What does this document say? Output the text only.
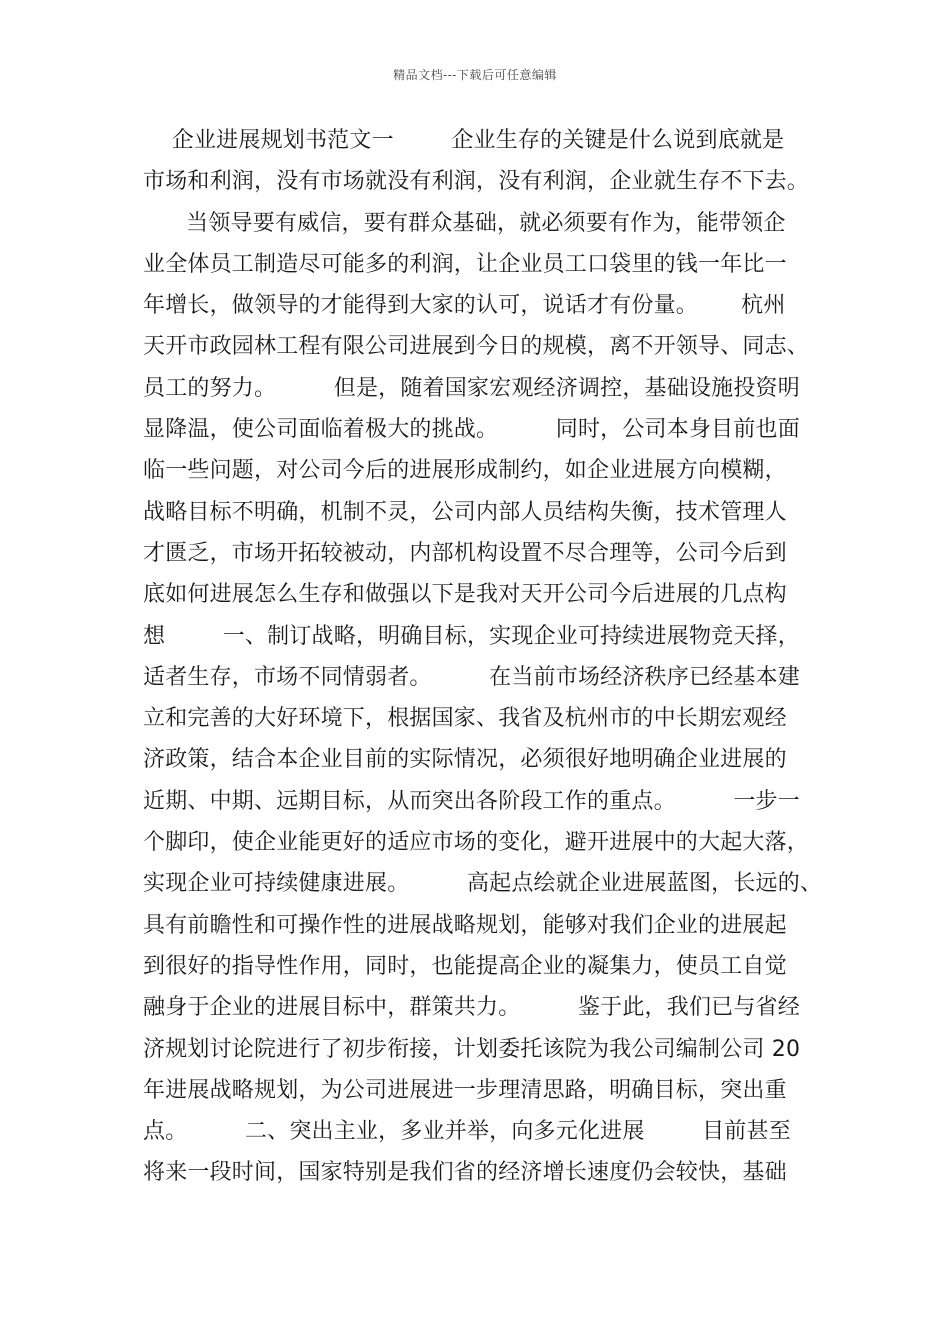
精品文档---下载后可任意编辑
企业进展规划书范文一        企业生存的关键是什么说到底就是
市场和利润，没有市场就没有利润，没有利润，企业就生存不下去。
当领导要有威信，要有群众基础，就必须要有作为，能带领企
业全体员工制造尽可能多的利润，让企业员工口袋里的钱一年比一
年增长，做领导的才能得到大家的认可，说话才有份量。      杭州
天开市政园林工程有限公司进展到今日的规模，离不开领导、同志、
员工的努力。        但是，随着国家宏观经济调控，基础设施投资明
显降温，使公司面临着极大的挑战。        同时，公司本身目前也面
临一些问题，对公司今后的进展形成制约，如企业进展方向模糊，
战略目标不明确，机制不灵，公司内部人员结构失衡，技术管理人
才匮乏，市场开拓较被动，内部机构设置不尽合理等，公司今后到
底如何进展怎么生存和做强以下是我对天开公司今后进展的几点构
想        一、制订战略，明确目标，实现企业可持续进展物竞天择，
适者生存，市场不同情弱者。        在当前市场经济秩序已经基本建
立和完善的大好环境下，根据国家、我省及杭州市的中长期宏观经
济政策，结合本企业目前的实际情况，必须很好地明确企业进展的
近期、中期、远期目标，从而突出各阶段工作的重点。        一步一
个脚印，使企业能更好的适应市场的变化，避开进展中的大起大落，
实现企业可持续健康进展。        高起点绘就企业进展蓝图，长远的、
具有前瞻性和可操作性的进展战略规划，能够对我们企业的进展起
到很好的指导性作用，同时，也能提高企业的凝集力，使员工自觉
融身于企业的进展目标中，群策共力。        鉴于此，我们已与省经
济规划讨论院进行了初步衔接，计划委托该院为我公司编制公司 20
年进展战略规划，为公司进展进一步理清思路，明确目标，突出重
点。        二、突出主业，多业并举，向多元化进展        目前甚至
将来一段时间，国家特别是我们省的经济增长速度仍会较快，基础
